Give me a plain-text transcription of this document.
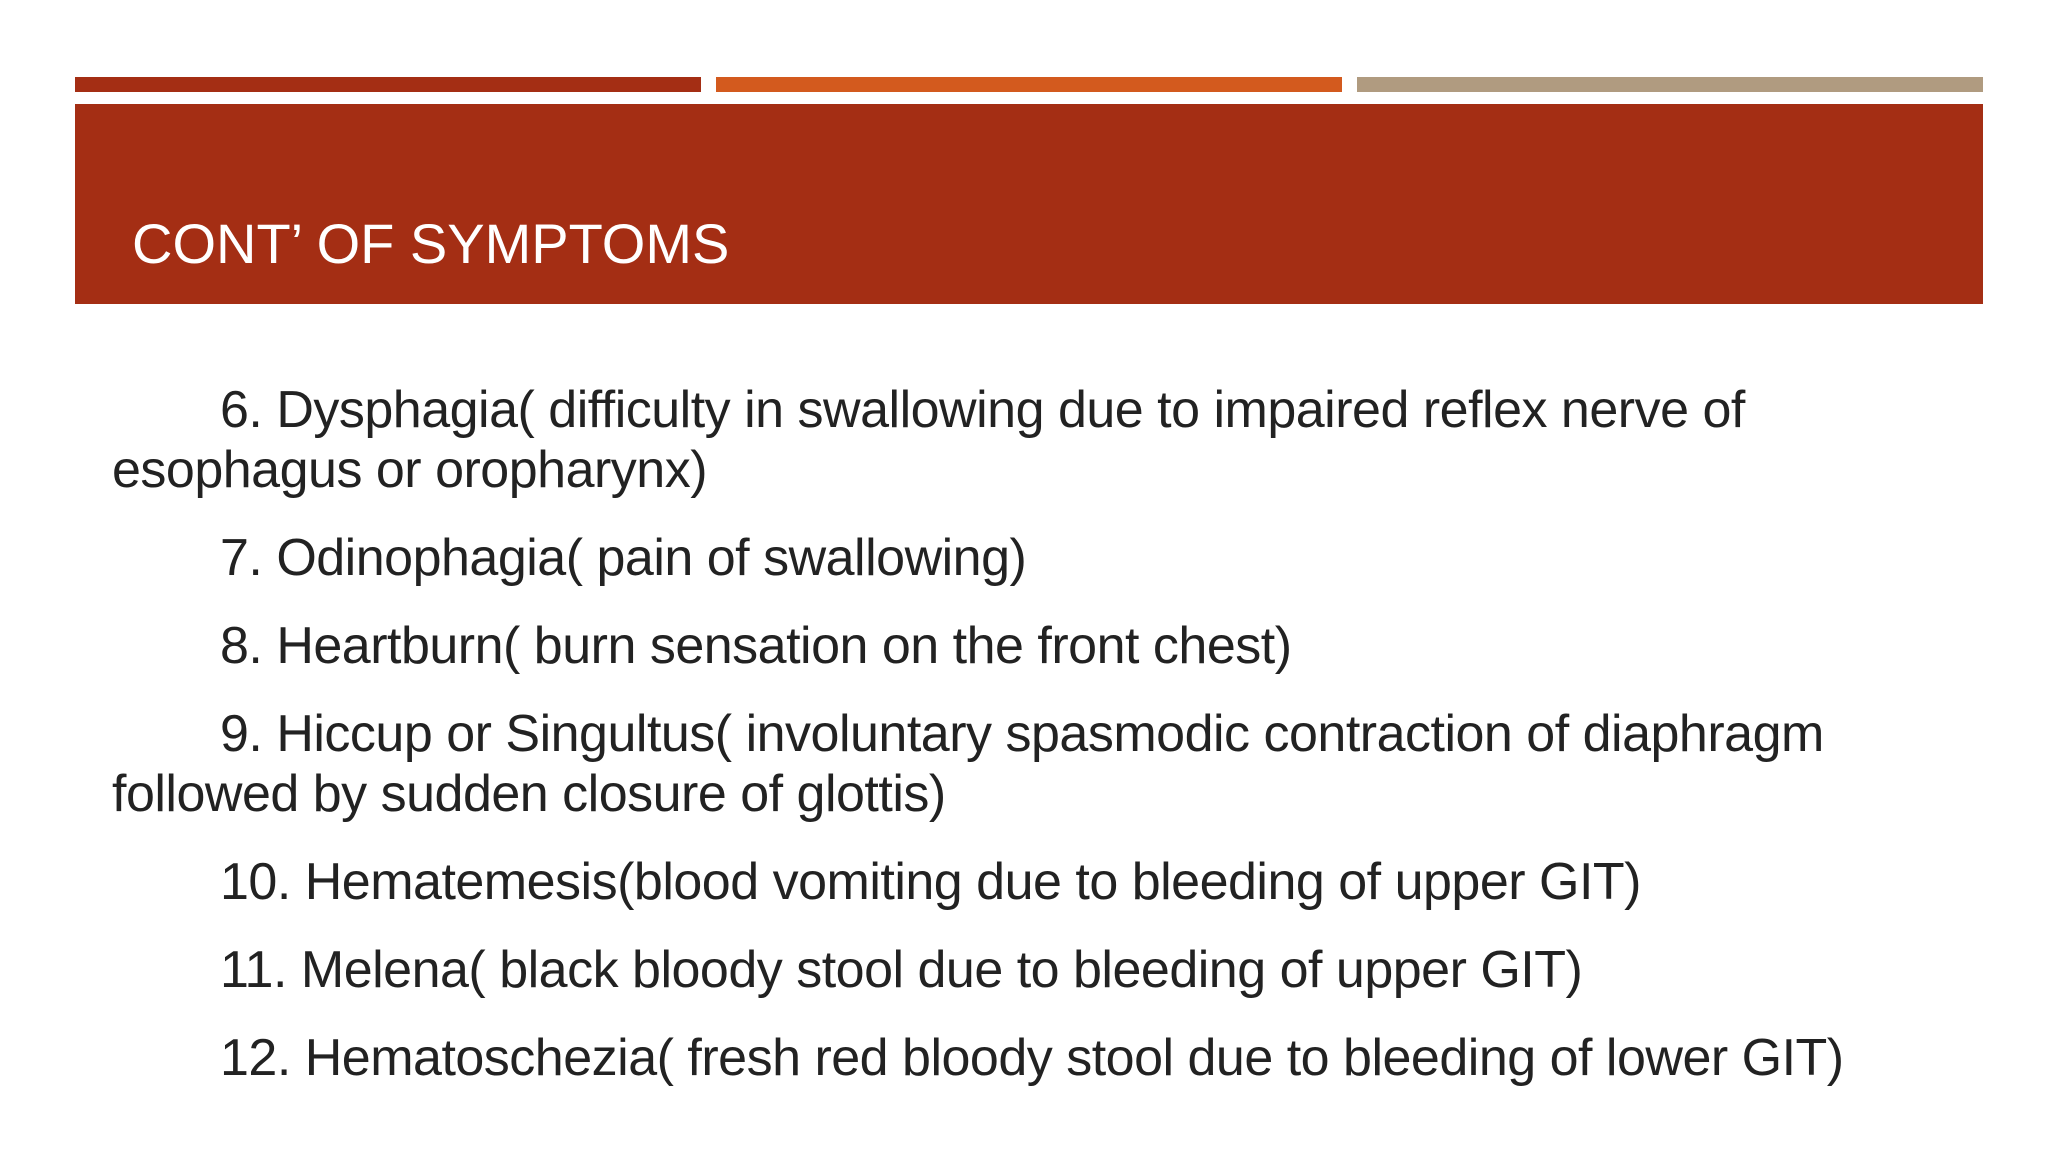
CONT’ OF SYMPTOMS

6. Dysphagia( difficulty in swallowing due to impaired reflex nerve of esophagus or oropharynx)

7. Odinophagia( pain of swallowing)

8. Heartburn( burn sensation on the front chest)

9. Hiccup or Singultus( involuntary spasmodic contraction of diaphragm followed by sudden closure of glottis)

10. Hematemesis(blood vomiting due to bleeding of upper GIT)

11. Melena( black bloody stool due to bleeding of upper GIT)

12. Hematoschezia( fresh red bloody stool due to bleeding of lower GIT)
